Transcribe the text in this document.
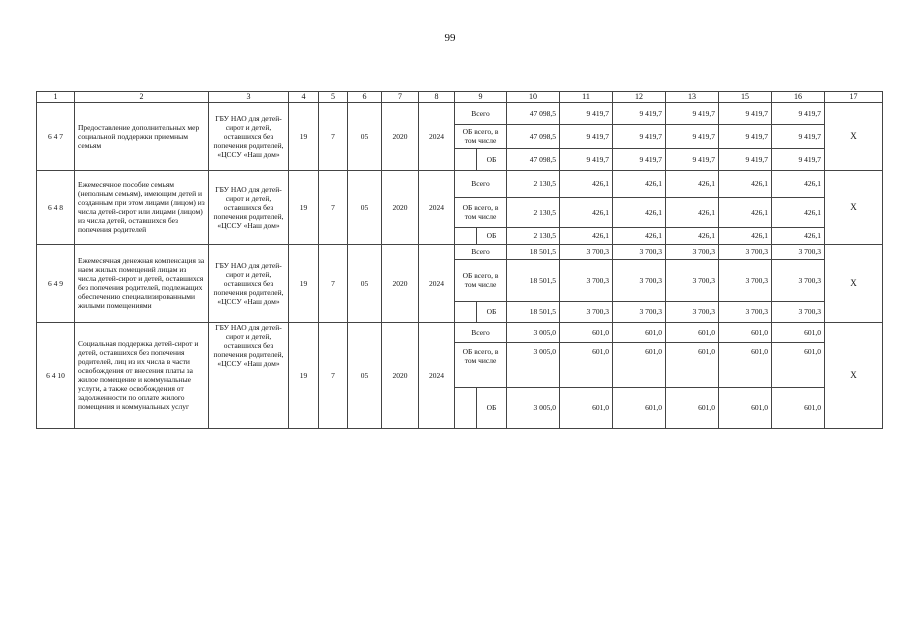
99
1	2	3	4	5	6	7	8	9		10	11	12	13	15	16	17
6 4 7	Предоставление дополнительных мер социальной поддержки приемным семьям	ГБУ НАО для детей-сирот и детей, оставшихся без попечения родителей, «ЦССУ «Наш дом»	19	7	05	2020	2024	Всего		47 098,5	9 419,7	9 419,7	9 419,7	9 419,7	9 419,7	X
								ОБ всего, в том числе		47 098,5	9 419,7	9 419,7	9 419,7	9 419,7	9 419,7	
									ОБ	47 098,5	9 419,7	9 419,7	9 419,7	9 419,7	9 419,7	
6 4 8	Ежемесячное пособие семьям (неполным семьям), имеющим детей и созданным при этом лицами (лицом) из числа детей-сирот или лицами (лицом) из числа детей, оставшихся без попечения родителей	ГБУ НАО для детей-сирот и детей, оставшихся без попечения родителей, «ЦССУ «Наш дом»	19	7	05	2020	2024	Всего		2 130,5	426,1	426,1	426,1	426,1	426,1	X
								ОБ всего, в том числе		2 130,5	426,1	426,1	426,1	426,1	426,1	
									ОБ	2 130,5	426,1	426,1	426,1	426,1	426,1	
6 4 9	Ежемесячная денежная компенсация за наем жилых помещений лицам из числа детей-сирот и детей, оставшихся без попечения родителей, подлежащих обеспечению специализированными жилыми помещениями	ГБУ НАО для детей-сирот и детей, оставшихся без попечения родителей, «ЦССУ «Наш дом»	19	7	05	2020	2024	Всего		18 501,5	3 700,3	3 700,3	3 700,3	3 700,3	3 700,3	X
								ОБ всего, в том числе		18 501,5	3 700,3	3 700,3	3 700,3	3 700,3	3 700,3	
									ОБ	18 501,5	3 700,3	3 700,3	3 700,3	3 700,3	3 700,3	
6 4 10	Социальная поддержка детей-сирот и детей, оставшихся без попечения родителей, лиц из их числа в части освобождения от внесения платы за жилое помещение и коммунальные услуги, а также освобождения от задолженности по оплате жилого помещения и коммунальных услуг	ГБУ НАО для детей-сирот и детей, оставшихся без попечения родителей, «ЦССУ «Наш дом»	19	7	05	2020	2024	Всего		3 005,0	601,0	601,0	601,0	601,0	601,0	X
								ОБ всего, в том числе		3 005,0	601,0	601,0	601,0	601,0	601,0	
									ОБ	3 005,0	601,0	601,0	601,0	601,0	601,0	
